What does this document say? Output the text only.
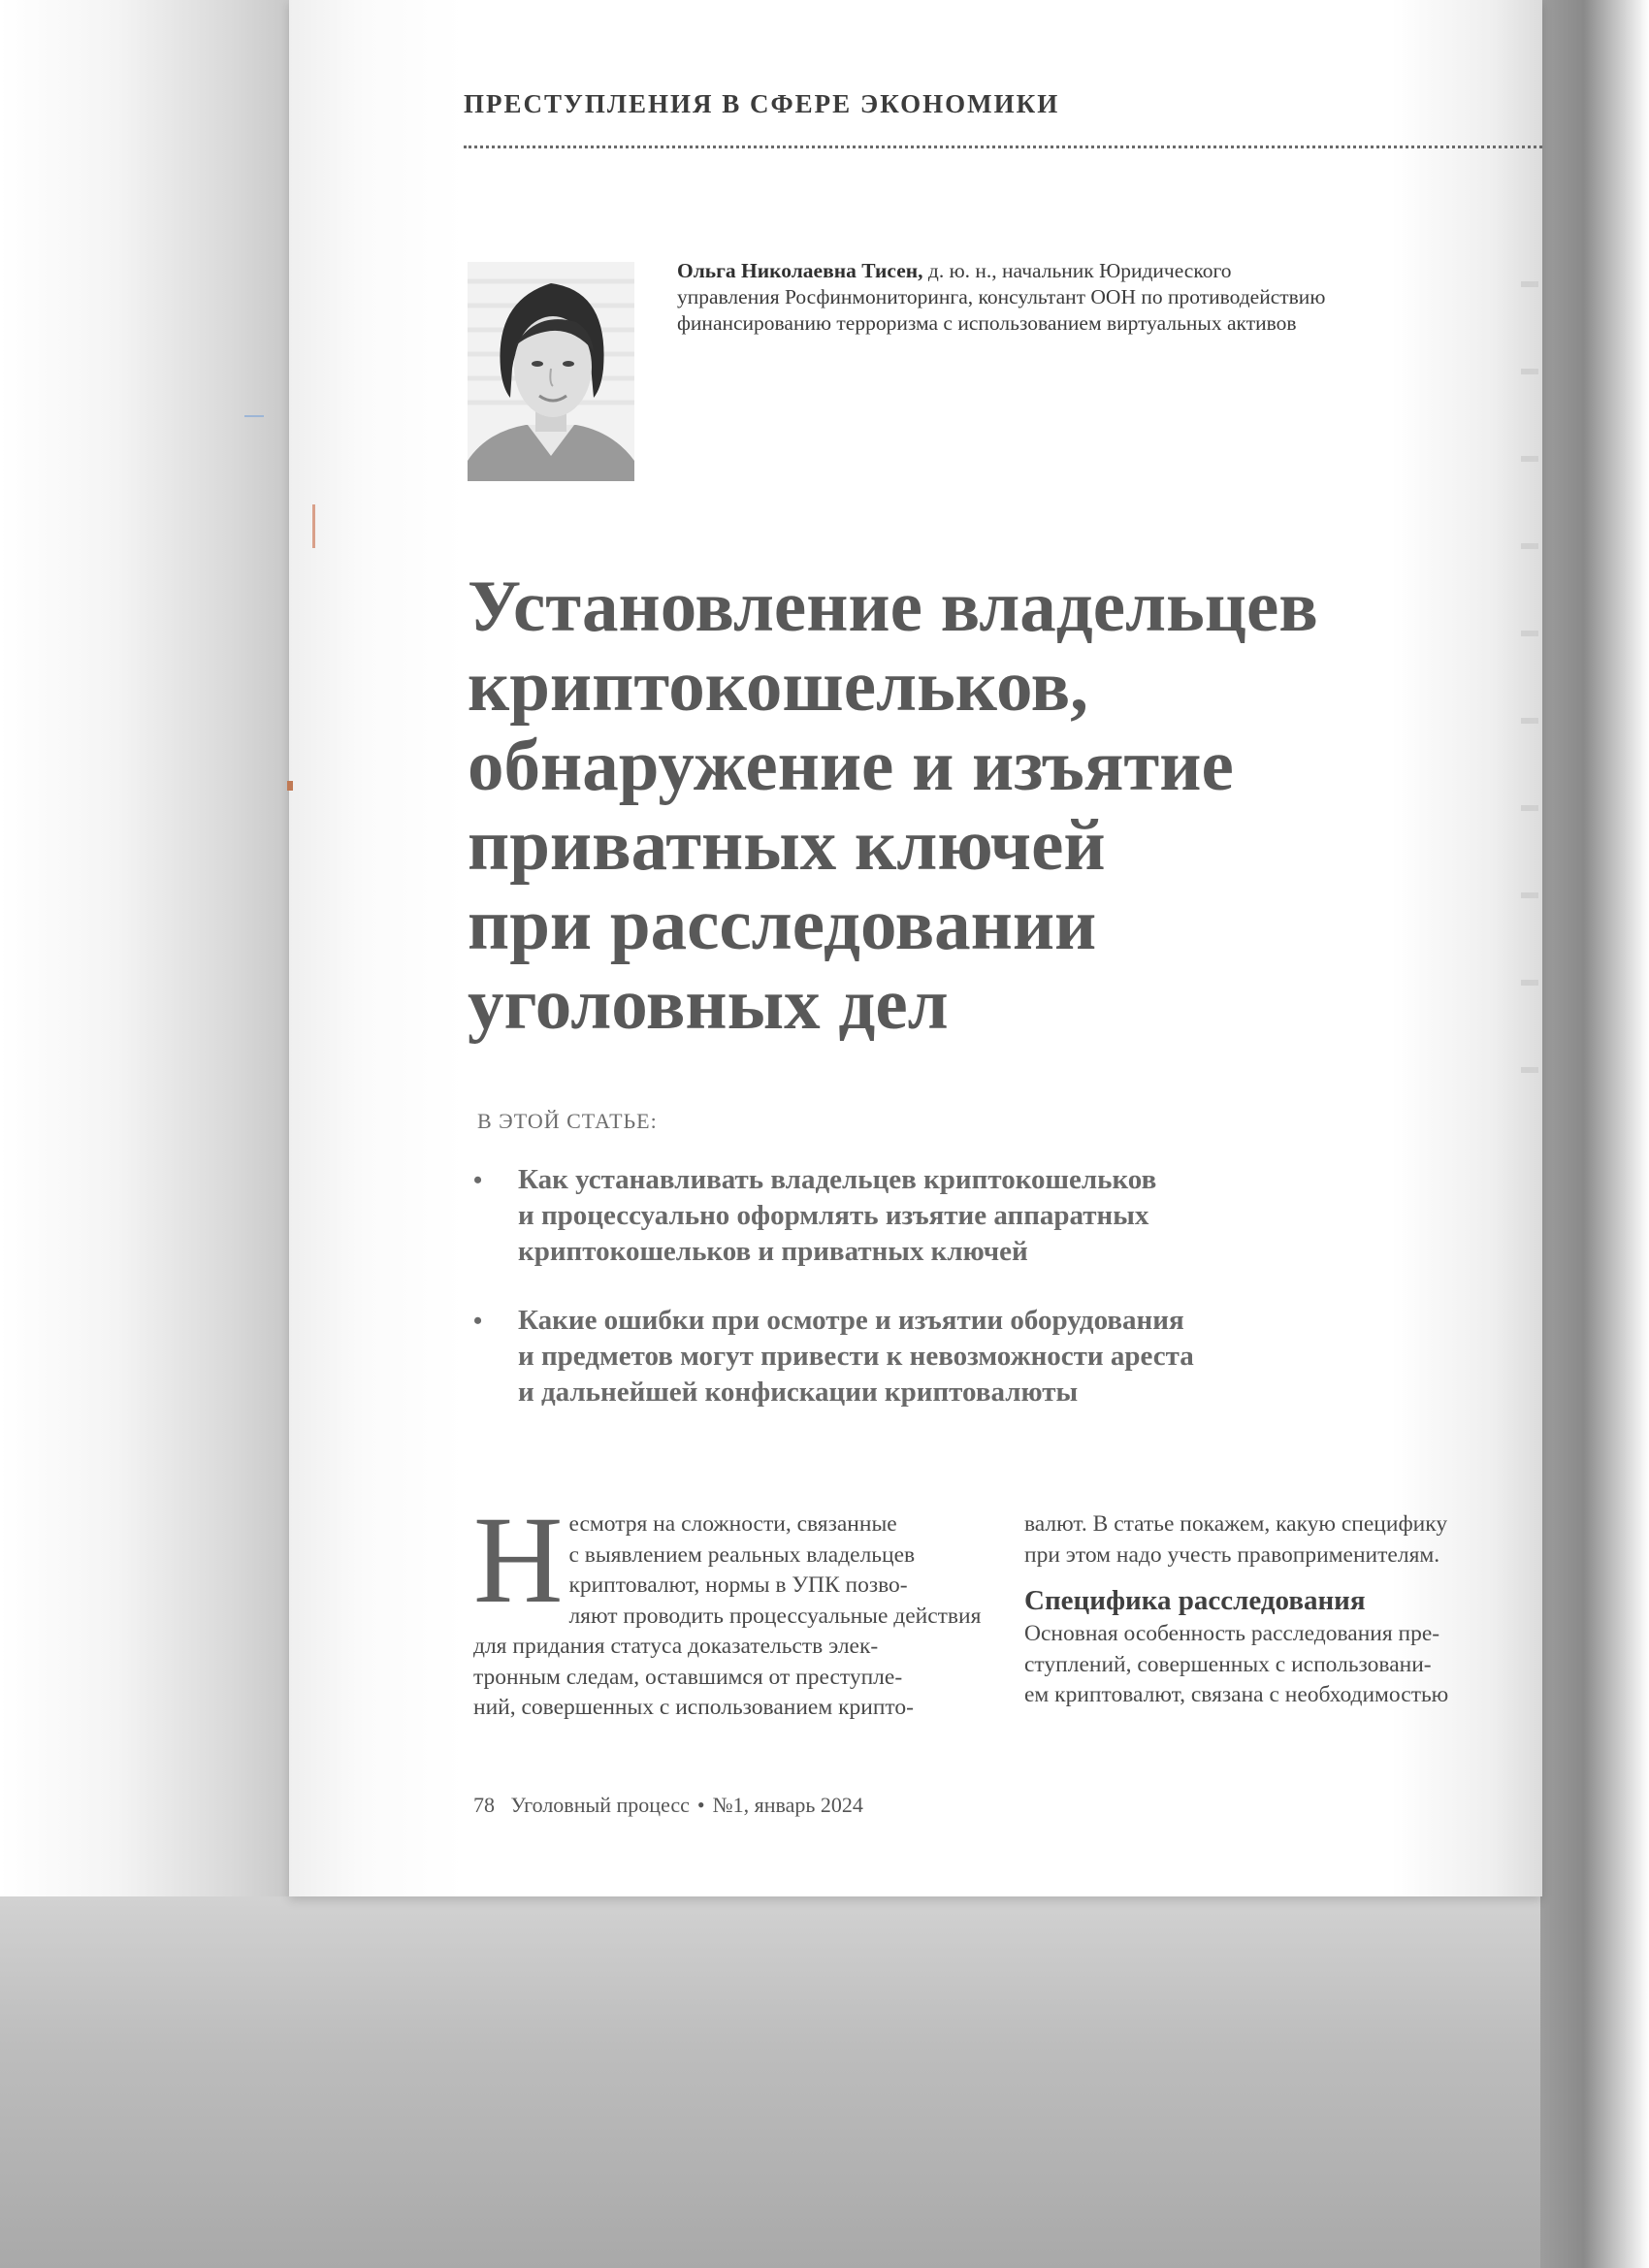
ПРЕСТУПЛЕНИЯ В СФЕРЕ ЭКОНОМИКИ
Ольга Николаевна Тисен, д. ю. н., начальник Юридического
управления Росфинмониторинга, консультант ООН по противодействию
финансированию терроризма с использованием виртуальных активов
Установление владельцев
криптокошельков,
обнаружение и изъятие
приватных ключей
при расследовании
уголовных дел
В ЭТОЙ СТАТЬЕ:
• Как устанавливать владельцев криптокошельков
и процессуально оформлять изъятие аппаратных
криптокошельков и приватных ключей
• Какие ошибки при осмотре и изъятии оборудования
и предметов могут привести к невозможности ареста
и дальнейшей конфискации криптовалюты
Н есмотря на сложности, связанные
с выявлением реальных владельцев
криптовалют, нормы в УПК позво-
ляют проводить процессуальные действия
для придания статуса доказательств элек-
тронным следам, оставшимся от преступле-
ний, совершенных с использованием крипто-
валют. В статье покажем, какую специфику
при этом надо учесть правоприменителям.
Специфика расследования
Основная особенность расследования пре-
ступлений, совершенных с использовани-
ем криптовалют, связана с необходимостью
78 Уголовный процесс • №1, январь 2024
